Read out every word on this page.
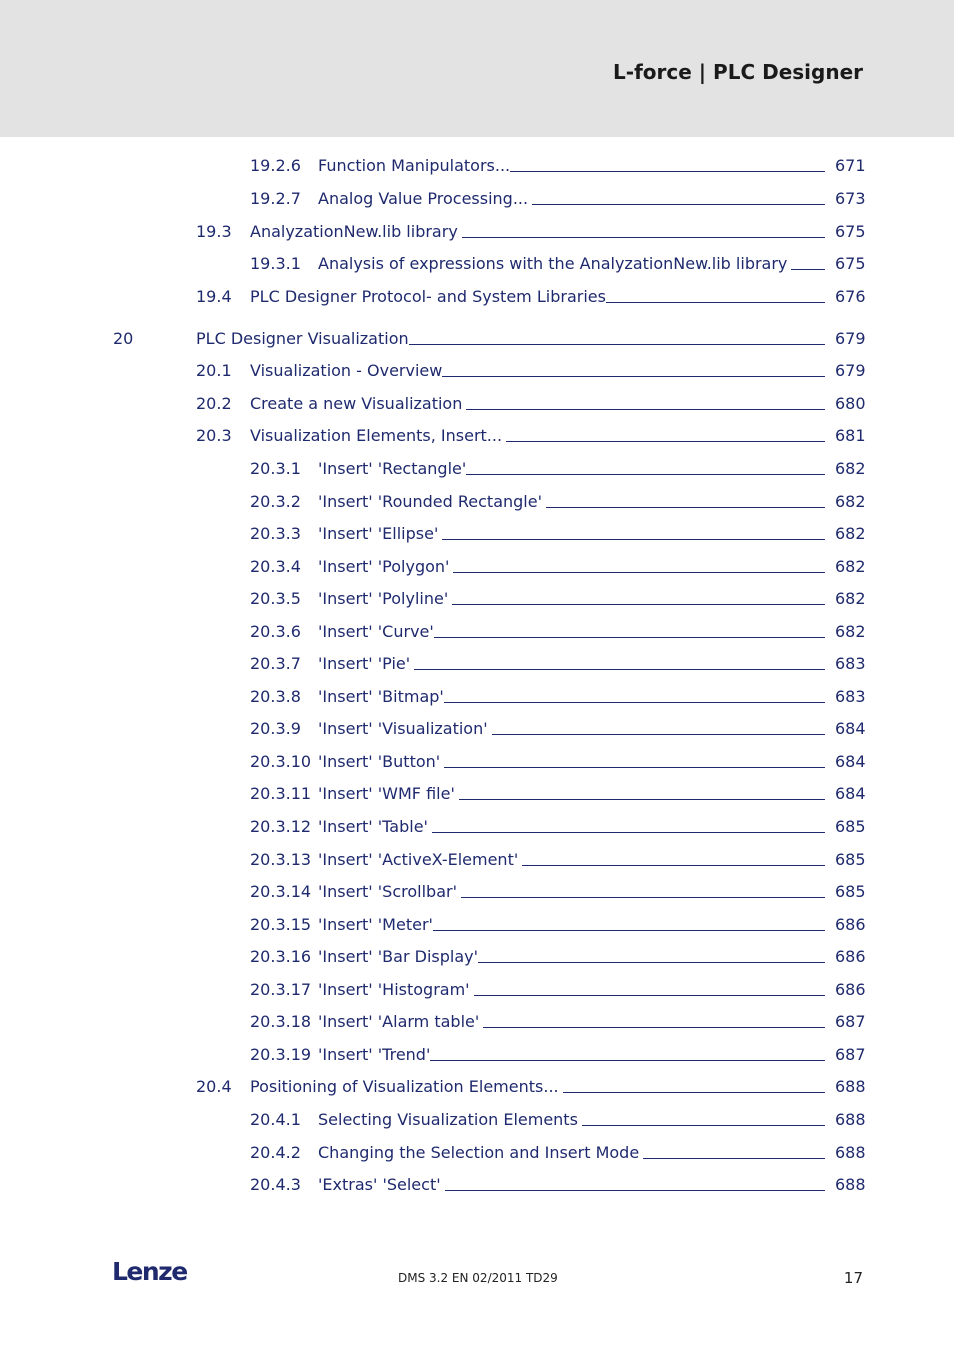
L-force | PLC Designer
19.2.6 Function Manipulators...	671
19.2.7 Analog Value Processing...	673
19.3 AnalyzationNew.lib library	675
19.3.1 Analysis of expressions with the AnalyzationNew.lib library	675
19.4 PLC Designer Protocol- and System Libraries	676
20	PLC Designer Visualization	679
20.1 Visualization - Overview	679
20.2 Create a new Visualization	680
20.3 Visualization Elements, Insert...	681
20.3.1 'Insert' 'Rectangle'	682
20.3.2 'Insert' 'Rounded Rectangle'	682
20.3.3 'Insert' 'Ellipse'	682
20.3.4 'Insert' 'Polygon'	682
20.3.5 'Insert' 'Polyline'	682
20.3.6 'Insert' 'Curve'	682
20.3.7 'Insert' 'Pie'	683
20.3.8 'Insert' 'Bitmap'	683
20.3.9 'Insert' 'Visualization'	684
20.3.10 'Insert' 'Button'	684
20.3.11 'Insert' 'WMF file'	684
20.3.12 'Insert' 'Table'	685
20.3.13 'Insert' 'ActiveX-Element'	685
20.3.14 'Insert' 'Scrollbar'	685
20.3.15 'Insert' 'Meter'	686
20.3.16 'Insert' 'Bar Display'	686
20.3.17 'Insert' 'Histogram'	686
20.3.18 'Insert' 'Alarm table'	687
20.3.19 'Insert' 'Trend'	687
20.4 Positioning of Visualization Elements...	688
20.4.1 Selecting Visualization Elements	688
20.4.2 Changing the Selection and Insert Mode	688
20.4.3 'Extras' 'Select'	688
Lenze	DMS 3.2 EN 02/2011 TD29	17
